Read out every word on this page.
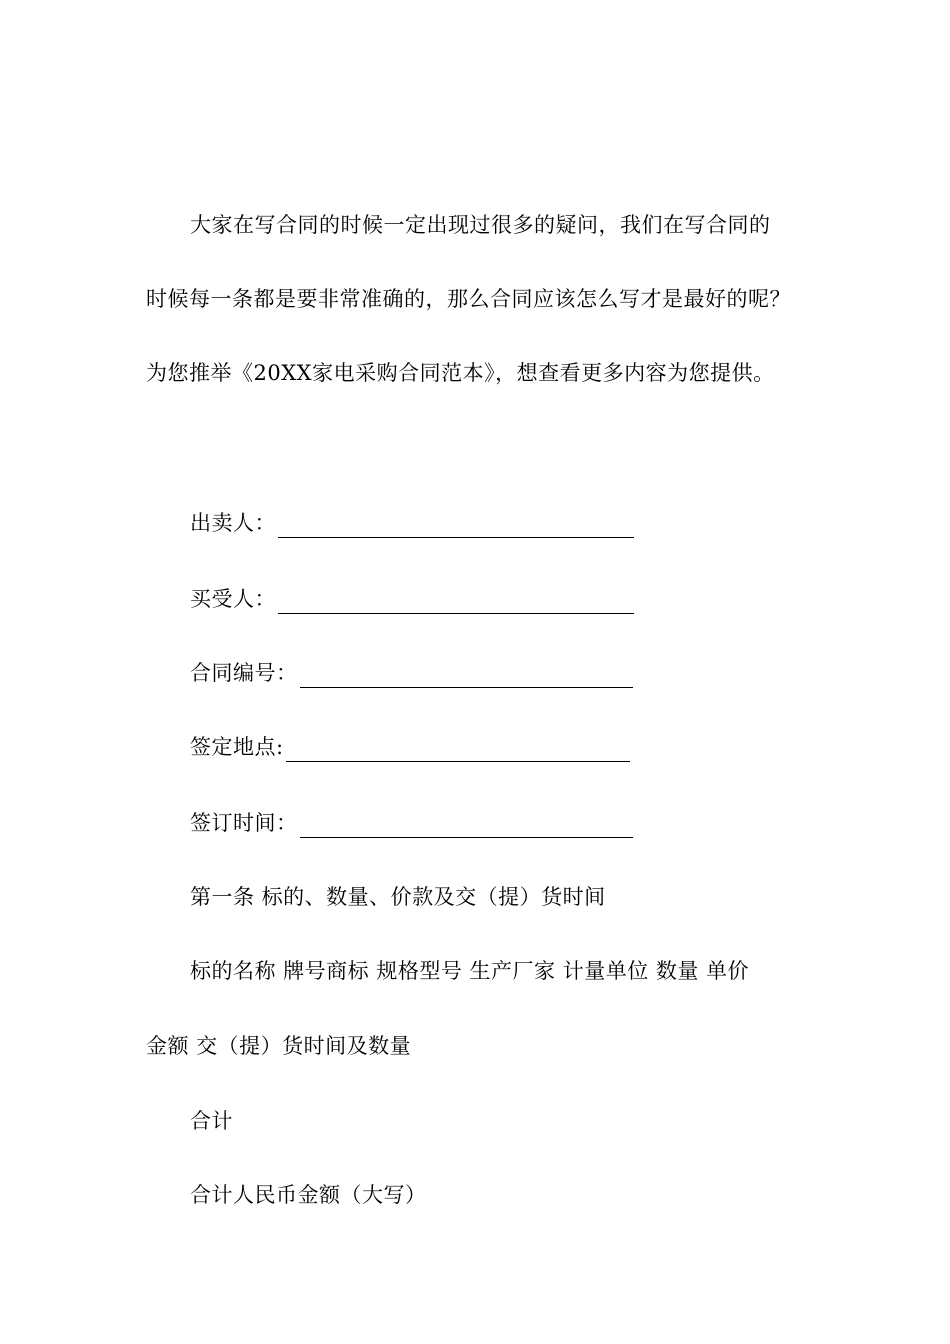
大家在写合同的时候一定出现过很多的疑问，我们在写合同的
时候每一条都是要非常准确的，那么合同应该怎么写才是最好的呢？
为您推举《20XX家电采购合同范本》，想查看更多内容为您提供。
出卖人：
买受人：
合同编号：
签定地点:
签订时间：
第一条 标的、数量、价款及交（提）货时间
标的名称 牌号商标 规格型号 生产厂家 计量单位 数量 单价
金额 交（提）货时间及数量
合计
合计人民币金额（大写）
